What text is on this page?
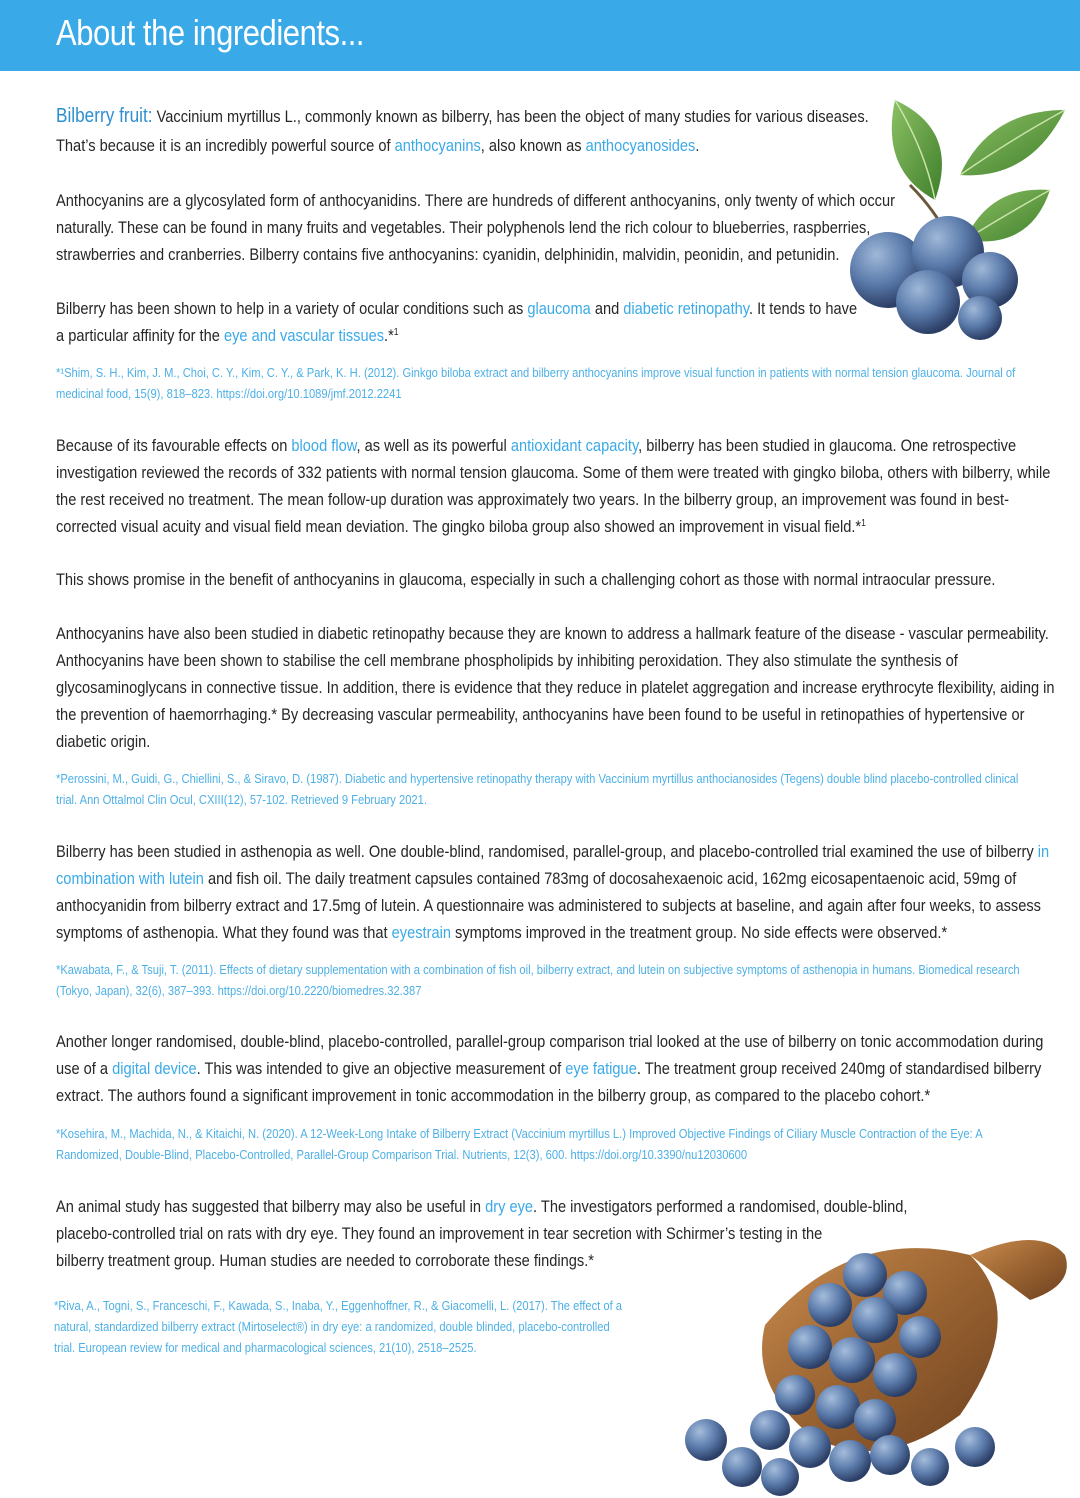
About the ingredients...
Bilberry fruit: Vaccinium myrtillus L., commonly known as bilberry, has been the object of many studies for various diseases.
That’s because it is an incredibly powerful source of anthocyanins, also known as anthocyanosides.
Anthocyanins are a glycosylated form of anthocyanidins. There are hundreds of different anthocyanins, only twenty of which occur
naturally. These can be found in many fruits and vegetables. Their polyphenols lend the rich colour to blueberries, raspberries,
strawberries and cranberries. Bilberry contains five anthocyanins: cyanidin, delphinidin, malvidin, peonidin, and petunidin.
Bilberry has been shown to help in a variety of ocular conditions such as glaucoma and diabetic retinopathy. It tends to have
a particular affinity for the eye and vascular tissues.*$^1$
*¹Shim, S. H., Kim, J. M., Choi, C. Y., Kim, C. Y., & Park, K. H. (2012). Ginkgo biloba extract and bilberry anthocyanins improve visual function in patients with normal tension glaucoma. Journal of
medicinal food, 15(9), 818–823. https://doi.org/10.1089/jmf.2012.2241
Because of its favourable effects on blood flow, as well as its powerful antioxidant capacity, bilberry has been studied in glaucoma. One retrospective
investigation reviewed the records of 332 patients with normal tension glaucoma. Some of them were treated with gingko biloba, others with bilberry, while
the rest received no treatment. The mean follow-up duration was approximately two years. In the bilberry group, an improvement was found in best-
corrected visual acuity and visual field mean deviation. The gingko biloba group also showed an improvement in visual field.*$^1$
This shows promise in the benefit of anthocyanins in glaucoma, especially in such a challenging cohort as those with normal intraocular pressure.
Anthocyanins have also been studied in diabetic retinopathy because they are known to address a hallmark feature of the disease - vascular permeability.
Anthocyanins have been shown to stabilise the cell membrane phospholipids by inhibiting peroxidation. They also stimulate the synthesis of
glycosaminoglycans in connective tissue. In addition, there is evidence that they reduce in platelet aggregation and increase erythrocyte flexibility, aiding in
the prevention of haemorrhaging.* By decreasing vascular permeability, anthocyanins have been found to be useful in retinopathies of hypertensive or
diabetic origin.
*Perossini, M., Guidi, G., Chiellini, S., & Siravo, D. (1987). Diabetic and hypertensive retinopathy therapy with Vaccinium myrtillus anthocianosides (Tegens) double blind placebo-controlled clinical
trial. Ann Ottalmol Clin Ocul, CXIII(12), 57-102. Retrieved 9 February 2021.
Bilberry has been studied in asthenopia as well. One double-blind, randomised, parallel-group, and placebo-controlled trial examined the use of bilberry in
combination with lutein and fish oil. The daily treatment capsules contained 783mg of docosahexaenoic acid, 162mg eicosapentaenoic acid, 59mg of
anthocyanidin from bilberry extract and 17.5mg of lutein. A questionnaire was administered to subjects at baseline, and again after four weeks, to assess
symptoms of asthenopia. What they found was that eyestrain symptoms improved in the treatment group. No side effects were observed.*
*Kawabata, F., & Tsuji, T. (2011). Effects of dietary supplementation with a combination of fish oil, bilberry extract, and lutein on subjective symptoms of asthenopia in humans. Biomedical research
(Tokyo, Japan), 32(6), 387–393. https://doi.org/10.2220/biomedres.32.387
Another longer randomised, double-blind, placebo-controlled, parallel-group comparison trial looked at the use of bilberry on tonic accommodation during
use of a digital device. This was intended to give an objective measurement of eye fatigue. The treatment group received 240mg of standardised bilberry
extract. The authors found a significant improvement in tonic accommodation in the bilberry group, as compared to the placebo cohort.*
*Kosehira, M., Machida, N., & Kitaichi, N. (2020). A 12-Week-Long Intake of Bilberry Extract (Vaccinium myrtillus L.) Improved Objective Findings of Ciliary Muscle Contraction of the Eye: A
Randomized, Double-Blind, Placebo-Controlled, Parallel-Group Comparison Trial. Nutrients, 12(3), 600. https://doi.org/10.3390/nu12030600
An animal study has suggested that bilberry may also be useful in dry eye. The investigators performed a randomised, double-blind,
placebo-controlled trial on rats with dry eye. They found an improvement in tear secretion with Schirmer’s testing in the
bilberry treatment group. Human studies are needed to corroborate these findings.*
*Riva, A., Togni, S., Franceschi, F., Kawada, S., Inaba, Y., Eggenhoffner, R., & Giacomelli, L. (2017). The effect of a
natural, standardized bilberry extract (Mirtoselect®) in dry eye: a randomized, double blinded, placebo-controlled
trial. European review for medical and pharmacological sciences, 21(10), 2518–2525.
